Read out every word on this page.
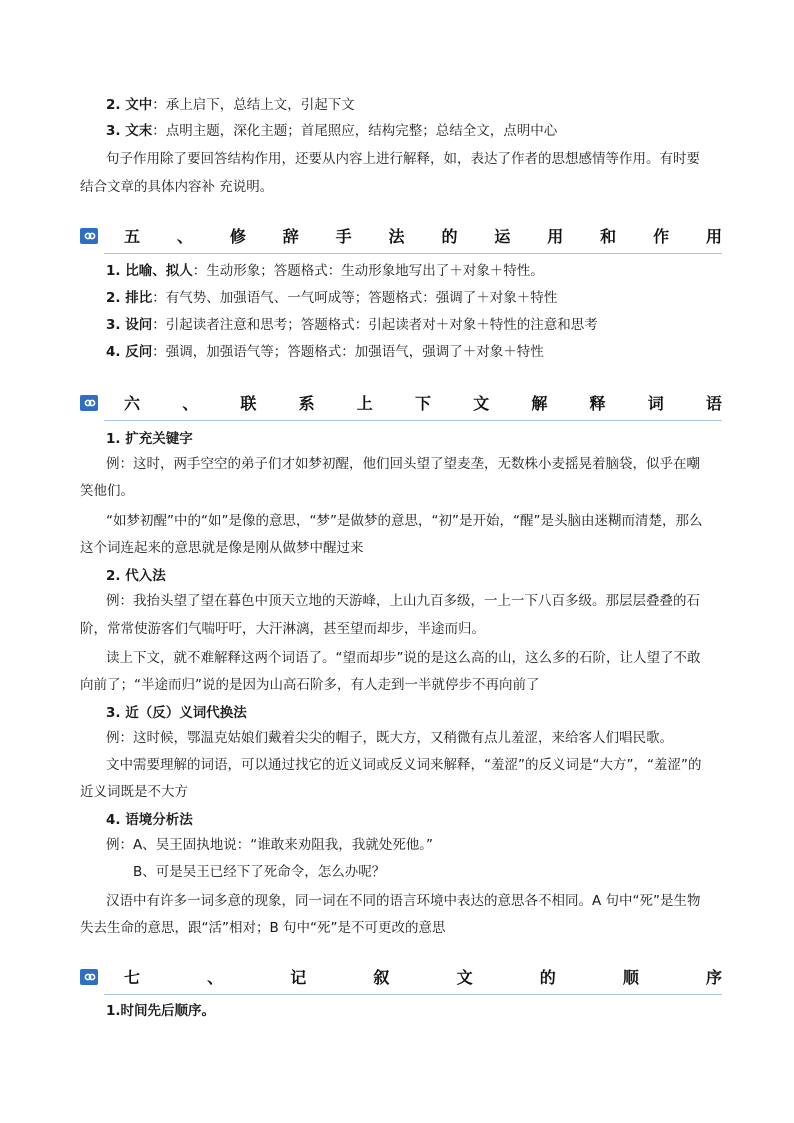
2. 文中：承上启下，总结上文，引起下文
3. 文末：点明主题，深化主题；首尾照应，结构完整；总结全文，点明中心
句子作用除了要回答结构作用，还要从内容上进行解释，如，表达了作者的思想感情等作用。有时要
结合文章的具体内容补 充说明。
五 、 修 辞 手 法 的 运 用 和 作 用
1. 比喻、拟人：生动形象；答题格式：生动形象地写出了＋对象＋特性。
2. 排比：有气势、加强语气、一气呵成等；答题格式：强调了＋对象＋特性
3. 设问：引起读者注意和思考；答题格式：引起读者对＋对象＋特性的注意和思考
4. 反问：强调，加强语气等；答题格式：加强语气，强调了＋对象＋特性
六	、	联	系	上	下	文	解	释	词	语
1. 扩充关键字
例：这时，两手空空的弟子们才如梦初醒，他们回头望了望麦垄，无数株小麦摇晃着脑袋，似乎在嘲
笑他们。
“如梦初醒”中的“如”是像的意思，“梦”是做梦的意思，“初”是开始，“醒”是头脑由迷糊而清楚，那么
这个词连起来的意思就是像是刚从做梦中醒过来
2. 代入法
例：我抬头望了望在暮色中顶天立地的天游峰，上山九百多级，一上一下八百多级。那层层叠叠的石
阶，常常使游客们气喘吁吁，大汗淋漓，甚至望而却步，半途而归。
读上下文，就不难解释这两个词语了。“望而却步”说的是这么高的山，这么多的石阶，让人望了不敢
向前了；“半途而归”说的是因为山高石阶多，有人走到一半就停步不再向前了
3. 近（反）义词代换法
例：这时候，鄂温克姑娘们戴着尖尖的帽子，既大方，又稍微有点儿羞涩，来给客人们唱民歌。
文中需要理解的词语，可以通过找它的近义词或反义词来解释，“羞涩”的反义词是“大方”，“羞涩”的
近义词既是不大方
4. 语境分析法
例：A、吴王固执地说：“谁敢来劝阻我，我就处死他。”
B、可是吴王已经下了死命令，怎么办呢？
汉语中有许多一词多意的现象，同一词在不同的语言环境中表达的意思各不相同。A 句中“死”是生物
失去生命的意思，跟“活”相对；B 句中“死”是不可更改的意思
七	、	记	叙	文	的	顺	序
1.时间先后顺序。
